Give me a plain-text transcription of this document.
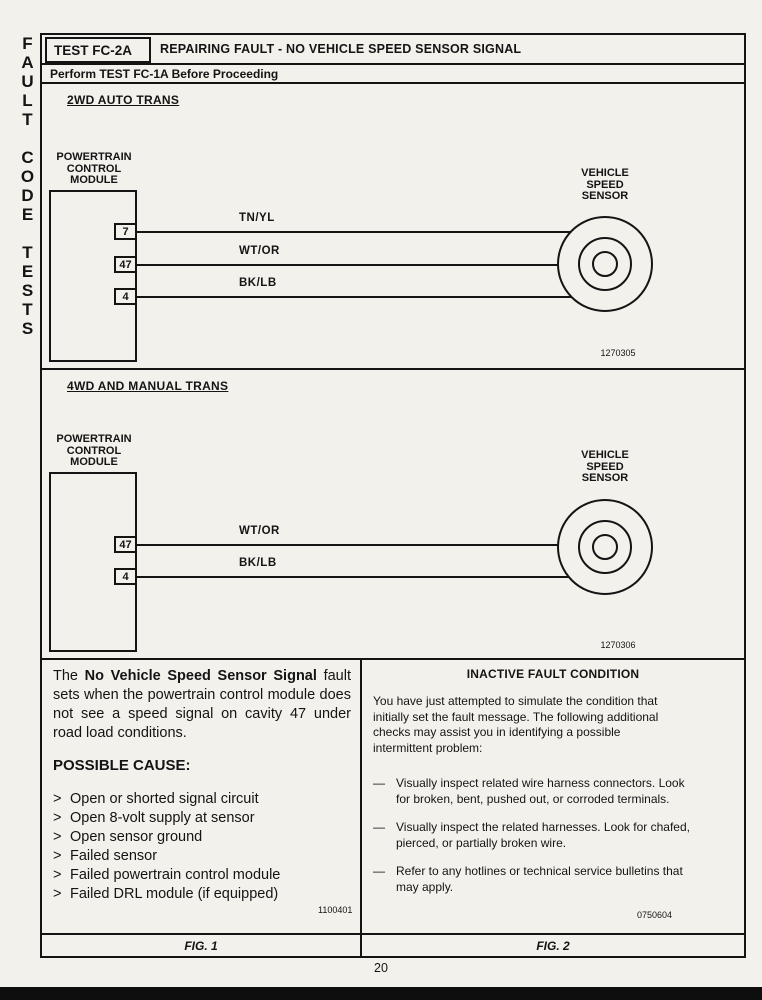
F
A
U
L
T

C
O
D
E

T
E
S
T
S
TEST FC-2A REPAIRING FAULT - NO VEHICLE SPEED SENSOR SIGNAL
Perform TEST FC-1A Before Proceeding
2WD AUTO TRANS
POWERTRAIN
CONTROL
MODULE
7
47
4
TN/YL
WT/OR
BK/LB
VEHICLE
SPEED
SENSOR
1270305
4WD AND MANUAL TRANS
POWERTRAIN
CONTROL
MODULE
47
4
WT/OR
BK/LB
VEHICLE
SPEED
SENSOR
1270306

The No Vehicle Speed Sensor Signal fault sets when the powertrain control module does not see a speed signal on cavity 47 under road load conditions.

POSSIBLE CAUSE:
> Open or shorted signal circuit
> Open 8-volt supply at sensor
> Open sensor ground
> Failed sensor
> Failed powertrain control module
> Failed DRL module (if equipped)
1100401
FIG. 1
INACTIVE FAULT CONDITION

You have just attempted to simulate the condition that initially set the fault message. The following additional checks may assist you in identifying a possible intermittent problem:

— Visually inspect related wire harness connectors. Look for broken, bent, pushed out, or corroded terminals.
— Visually inspect the related harnesses. Look for chafed, pierced, or partially broken wire.
— Refer to any hotlines or technical service bulletins that may apply.
0750604
FIG. 2
20
